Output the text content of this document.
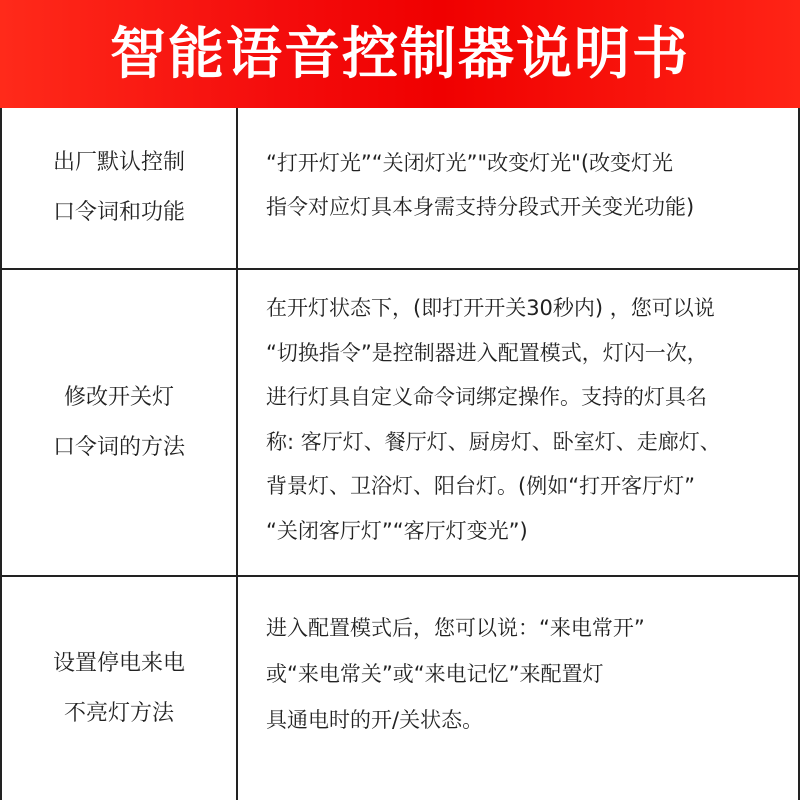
智能语音控制器说明书
出厂默认控制
口令词和功能
“打开灯光”“关闭灯光”"改变灯光"(改变灯光
指令对应灯具本身需支持分段式开关变光功能)
修改开关灯
口令词的方法
在开灯状态下，(即打开开关30秒内) ，您可以说
“切换指令”是控制器进入配置模式，灯闪一次，
进行灯具自定义命令词绑定操作。支持的灯具名
称: 客厅灯、餐厅灯、厨房灯、卧室灯、走廊灯、
背景灯、卫浴灯、阳台灯。(例如“打开客厅灯”
“关闭客厅灯”“客厅灯变光”)
设置停电来电
不亮灯方法
进入配置模式后，您可以说：“来电常开”
或“来电常关”或“来电记忆”来配置灯
具通电时的开/关状态。
